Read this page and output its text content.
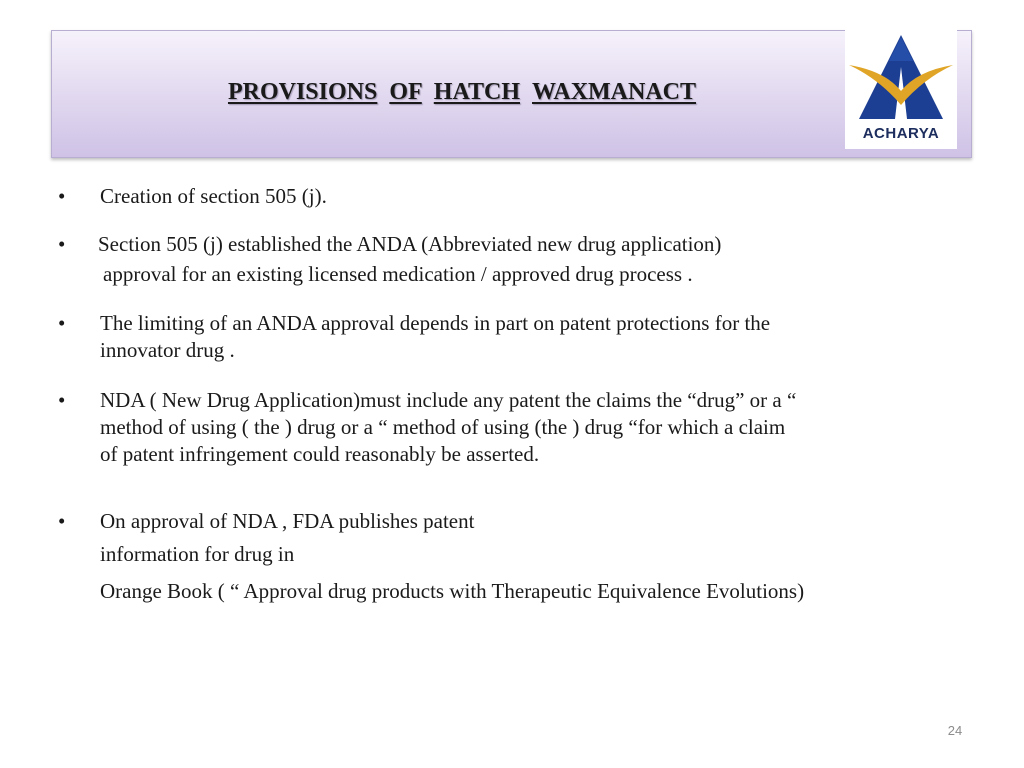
PROVISIONS OF HATCH WAXMANACT
ACHARYA
•	Creation of section 505 (j).
•	Section 505 (j) established the ANDA (Abbreviated new drug application)
approval for an existing licensed medication / approved drug process .
•	The limiting of an ANDA approval depends in part on patent protections for the
innovator drug .
•	NDA ( New Drug Application)must include any patent the claims the “drug” or a “
method of using ( the ) drug or a “ method of using (the ) drug “for which a claim
of patent infringement could reasonably be asserted.
•	On approval of NDA , FDA publishes patent
information for drug in
Orange Book ( “ Approval drug products with Therapeutic Equivalence Evolutions)
24
